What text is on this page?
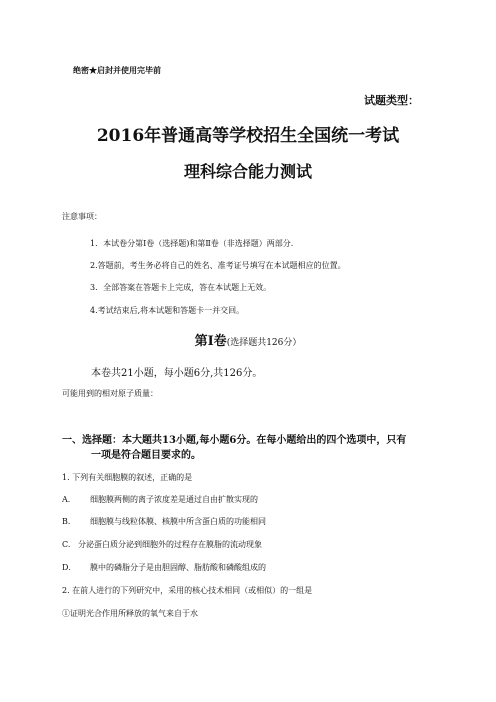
绝密★启封并使用完毕前
试题类型：
2016年普通高等学校招生全国统一考试
理科综合能力测试
注意事项：
1．本试卷分第Ⅰ卷（选择题)和第Ⅱ卷（非选择题）两部分.
2.答题前，考生务必将自己的姓名、准考证号填写在本试题相应的位置。
3．全部答案在答题卡上完成，答在本试题上无效。
4.考试结束后,将本试题和答题卡一并交回。
第Ⅰ卷(选择题共126分）
本卷共21小题，每小题6分,共126分。
可能用到的相对原子质量：
一、选择题：本大题共13小题,每小题6分。在每小题给出的四个选项中，只有
一项是符合题目要求的。
1. 下列有关细胞膜的叙述，正确的是
A． 细胞膜两侧的离子浓度差是通过自由扩散实现的
B． 细胞膜与线粒体膜、核膜中所含蛋白质的功能相同
C. 分泌蛋白质分泌到细胞外的过程存在膜脂的流动现象
D． 膜中的磷脂分子是由胆固醇、脂肪酸和磷酸组成的
2. 在前人进行的下列研究中，采用的核心技术相同（或相似）的一组是
①证明光合作用所释放的氧气来自于水
